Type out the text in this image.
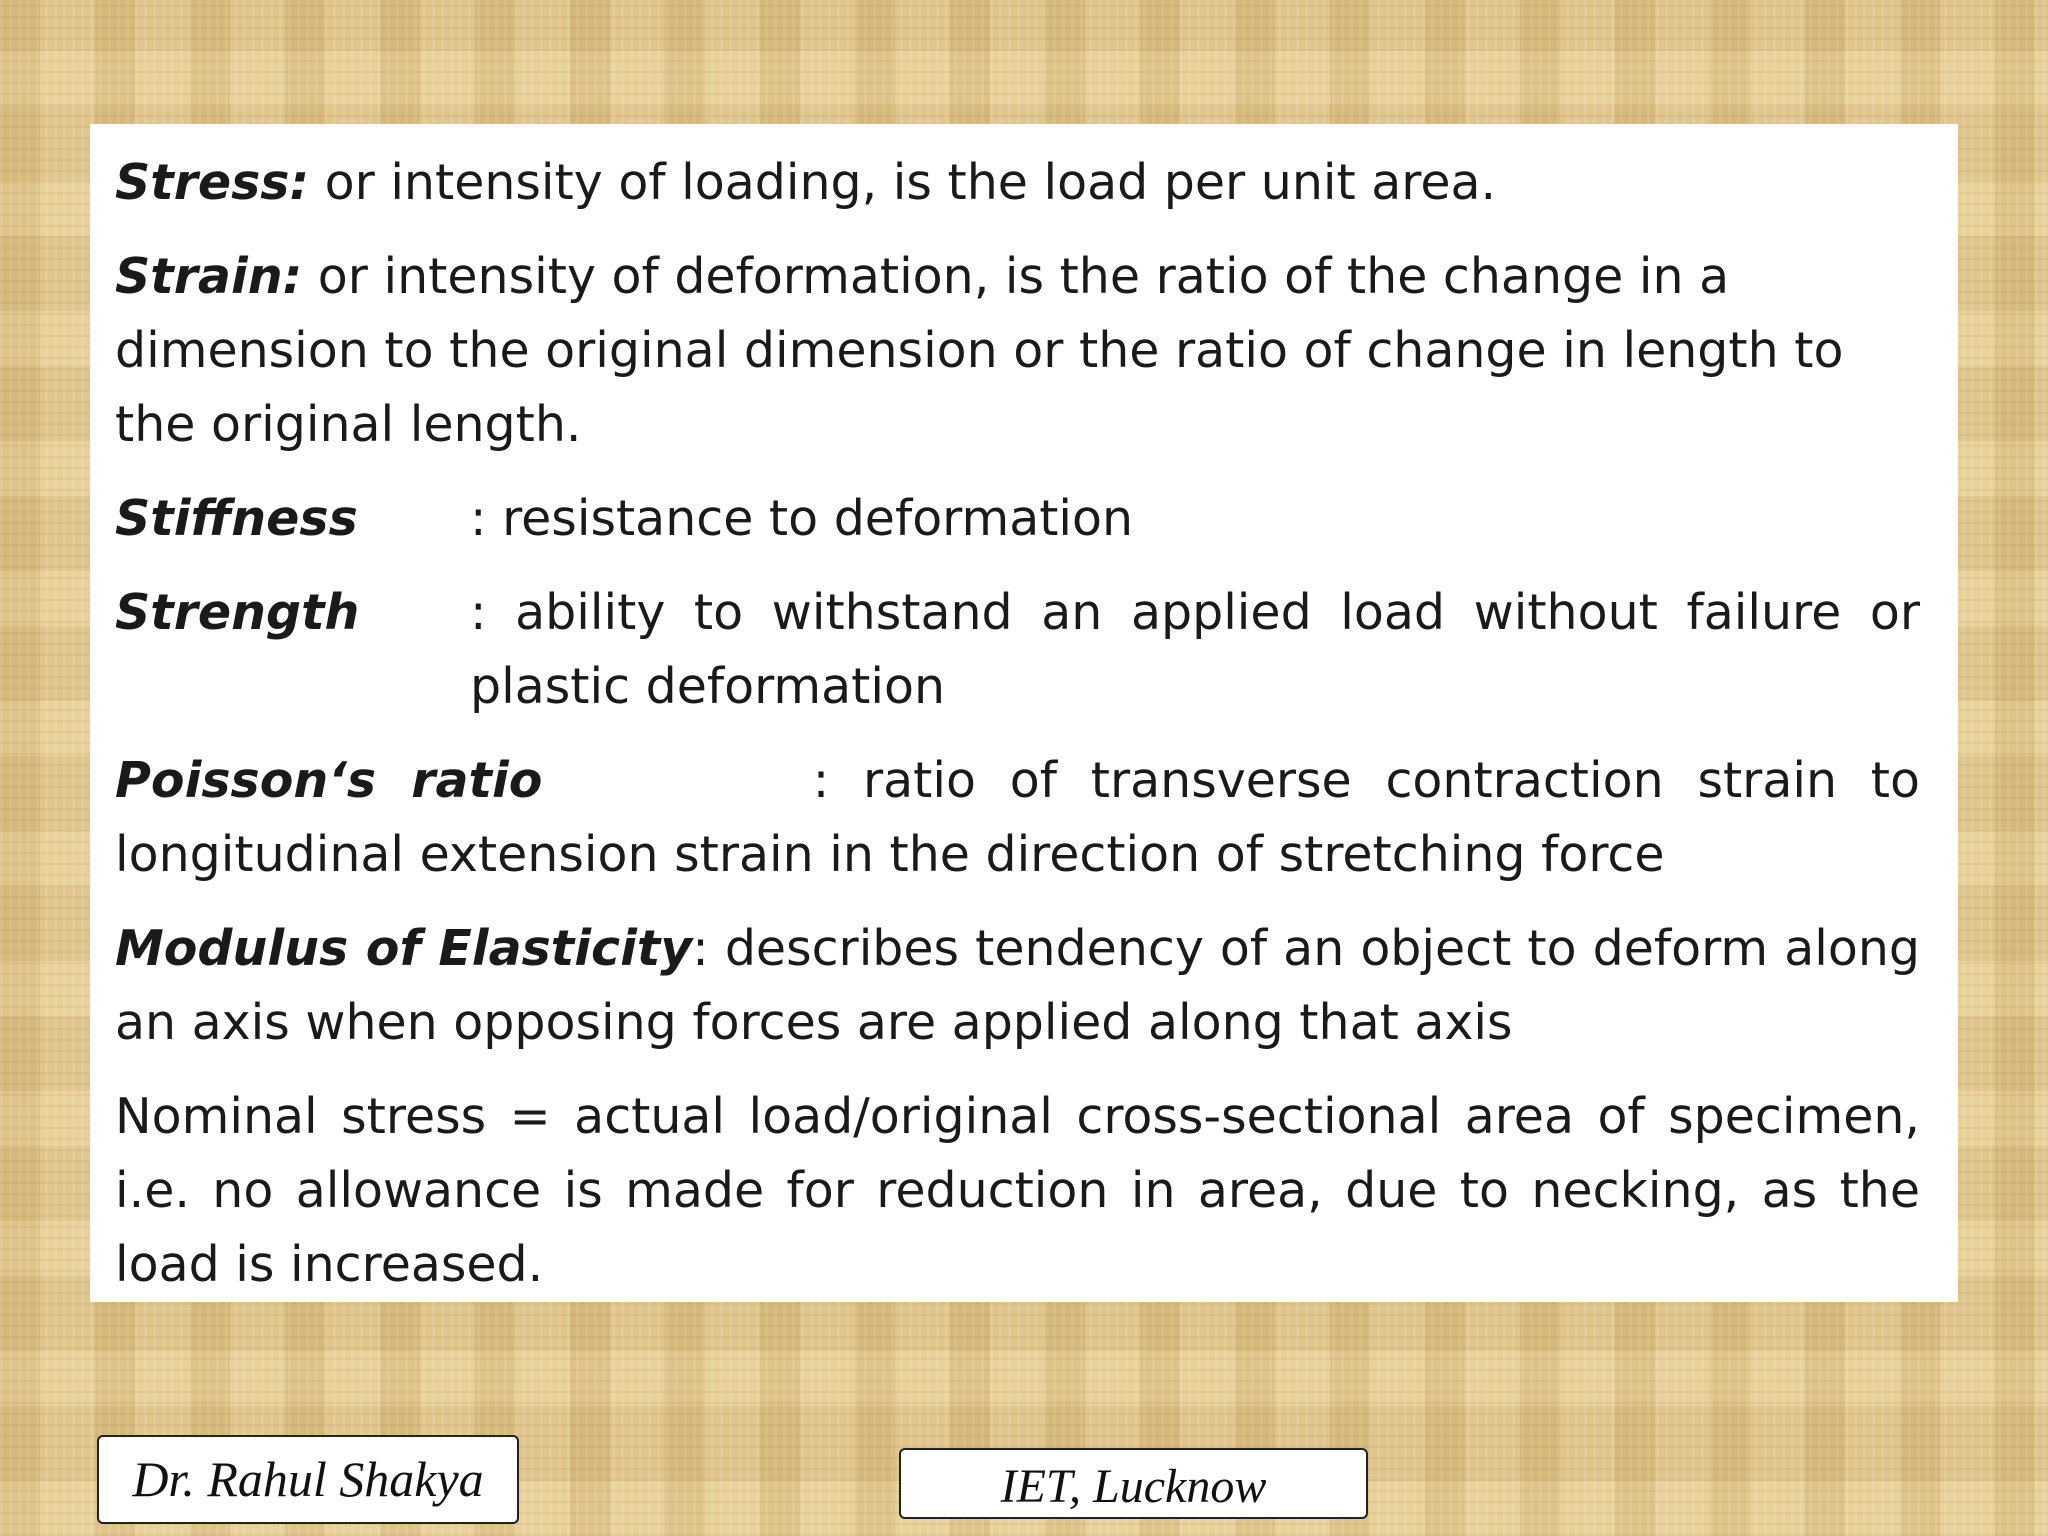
Stress: or intensity of loading, is the load per unit area.

Strain: or intensity of deformation, is the ratio of the change in a dimension to the original dimension or the ratio of change in length to the original length.

Stiffness	: resistance to deformation
Strength	: ability to withstand an applied load without failure or plastic deformation

Poisson‘s ratio        : ratio of transverse contraction strain to longitudinal extension strain in the direction of stretching force

Modulus of Elasticity: describes tendency of an object to deform along an axis when opposing forces are applied along that axis

Nominal stress = actual load/original cross-sectional area of specimen, i.e. no allowance is made for reduction in area, due to necking, as the load is increased.

Dr. Rahul Shakya	IET, Lucknow
